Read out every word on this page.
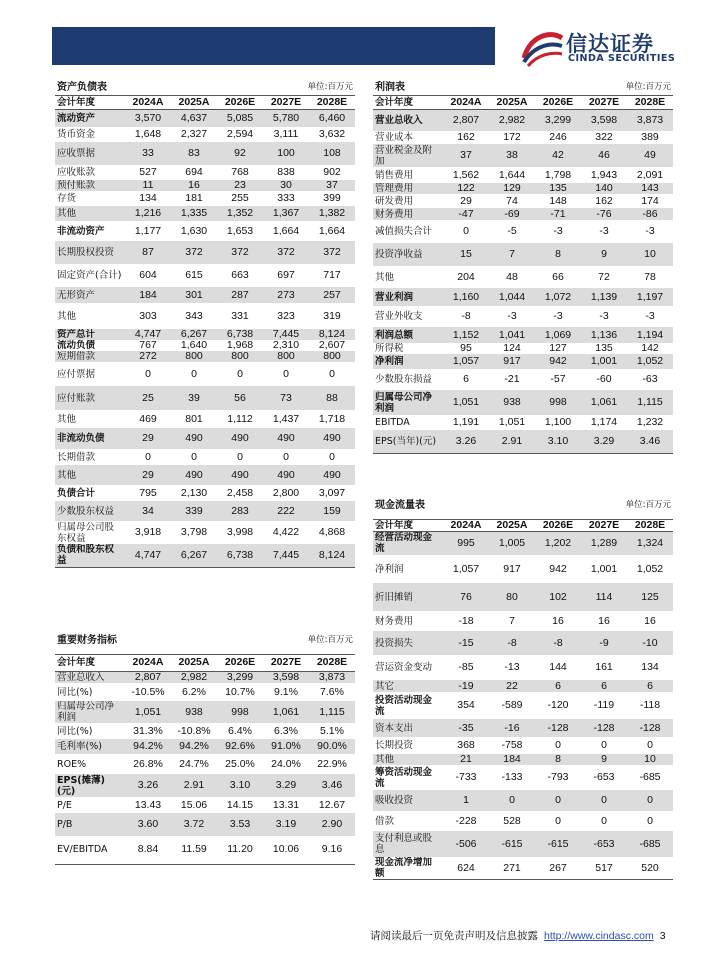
信达证券
CINDA SECURITIES
资产负债表				单位:百万元	
会计年度	2024A	2025A	2026E	2027E	2028E
流动资产	3,570	4,637	5,085	5,780	6,460
货币资金	1,648	2,327	2,594	3,111	3,632
应收票据	33	83	92	100	108
应收账款	527	694	768	838	902
预付账款	11	16	23	30	37
存货	134	181	255	333	399
其他	1,216	1,335	1,352	1,367	1,382
非流动资产	1,177	1,630	1,653	1,664	1,664
长期股权投资	87	372	372	372	372
固定资产(合计)	604	615	663	697	717
无形资产	184	301	287	273	257
其他	303	343	331	323	319
资产总计	4,747	6,267	6,738	7,445	8,124
流动负债	767	1,640	1,968	2,310	2,607
短期借款	272	800	800	800	800
应付票据	0	0	0	0	0
应付账款	25	39	56	73	88
其他	469	801	1,112	1,437	1,718
非流动负债	29	490	490	490	490
长期借款	0	0	0	0	0
其他	29	490	490	490	490
负债合计	795	2,130	2,458	2,800	3,097
少数股东权益	34	339	283	222	159
归属母公司股东权益	3,918	3,798	3,998	4,422	4,868
负债和股东权益	4,747	6,267	6,738	7,445	8,124
重要财务指标				单位:百万元	
会计年度	2024A	2025A	2026E	2027E	2028E
营业总收入	2,807	2,982	3,299	3,598	3,873
同比(%)	-10.5%	6.2%	10.7%	9.1%	7.6%
归属母公司净利润	1,051	938	998	1,061	1,115
同比(%)	31.3%	-10.8%	6.4%	6.3%	5.1%
毛利率(%)	94.2%	94.2%	92.6%	91.0%	90.0%
ROE%	26.8%	24.7%	25.0%	24.0%	22.9%
EPS(摊薄)(元)	3.26	2.91	3.10	3.29	3.46
P/E	13.43	15.06	14.15	13.31	12.67
P/B	3.60	3.72	3.53	3.19	2.90
EV/EBITDA	8.84	11.59	11.20	10.06	9.16
利润表				单位:百万元	
会计年度	2024A	2025A	2026E	2027E	2028E
营业总收入	2,807	2,982	3,299	3,598	3,873
营业成本	162	172	246	322	389
营业税金及附加	37	38	42	46	49
销售费用	1,562	1,644	1,798	1,943	2,091
管理费用	122	129	135	140	143
研发费用	29	74	148	162	174
财务费用	-47	-69	-71	-76	-86
减值损失合计	0	-5	-3	-3	-3
投资净收益	15	7	8	9	10
其他	204	48	66	72	78
营业利润	1,160	1,044	1,072	1,139	1,197
营业外收支	-8	-3	-3	-3	-3
利润总额	1,152	1,041	1,069	1,136	1,194
所得税	95	124	127	135	142
净利润	1,057	917	942	1,001	1,052
少数股东损益	6	-21	-57	-60	-63
归属母公司净利润	1,051	938	998	1,061	1,115
EBITDA	1,191	1,051	1,100	1,174	1,232
EPS(当年)(元)	3.26	2.91	3.10	3.29	3.46
现金流量表				单位:百万元	
会计年度	2024A	2025A	2026E	2027E	2028E
经营活动现金流	995	1,005	1,202	1,289	1,324
净利润	1,057	917	942	1,001	1,052
折旧摊销	76	80	102	114	125
财务费用	-18	7	16	16	16
投资损失	-15	-8	-8	-9	-10
营运资金变动	-85	-13	144	161	134
其它	-19	22	6	6	6
投资活动现金流	354	-589	-120	-119	-118
资本支出	-35	-16	-128	-128	-128
长期投资	368	-758	0	0	0
其他	21	184	8	9	10
筹资活动现金流	-733	-133	-793	-653	-685
吸收投资	1	0	0	0	0
借款	-228	528	0	0	0
支付利息或股息	-506	-615	-615	-653	-685
现金流净增加额	624	271	267	517	520
请阅读最后一页免责声明及信息披露 http://www.cindasc.com 3
